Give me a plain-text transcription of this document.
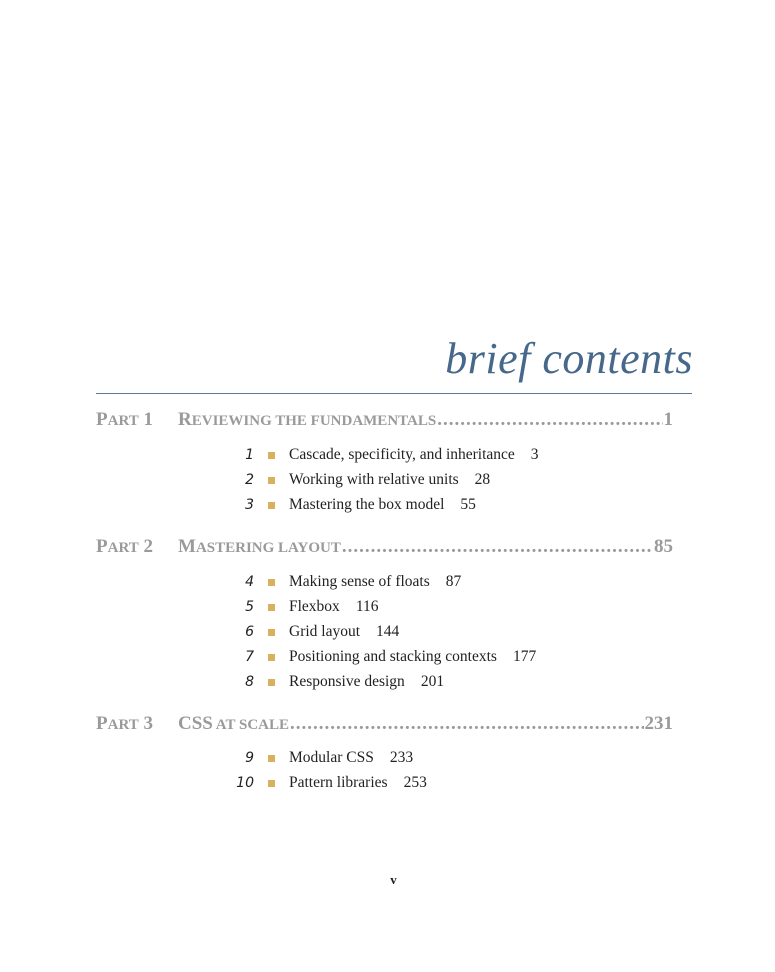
brief contents
PART 1	REVIEWING THE FUNDAMENTALS .....	1
1 Cascade, specificity, and inheritance 3
2 Working with relative units 28
3 Mastering the box model 55
PART 2	MASTERING LAYOUT .....	85
4 Making sense of floats 87
5 Flexbox 116
6 Grid layout 144
7 Positioning and stacking contexts 177
8 Responsive design 201
PART 3	CSS AT SCALE .....	231
9 Modular CSS 233
10 Pattern libraries 253
v
